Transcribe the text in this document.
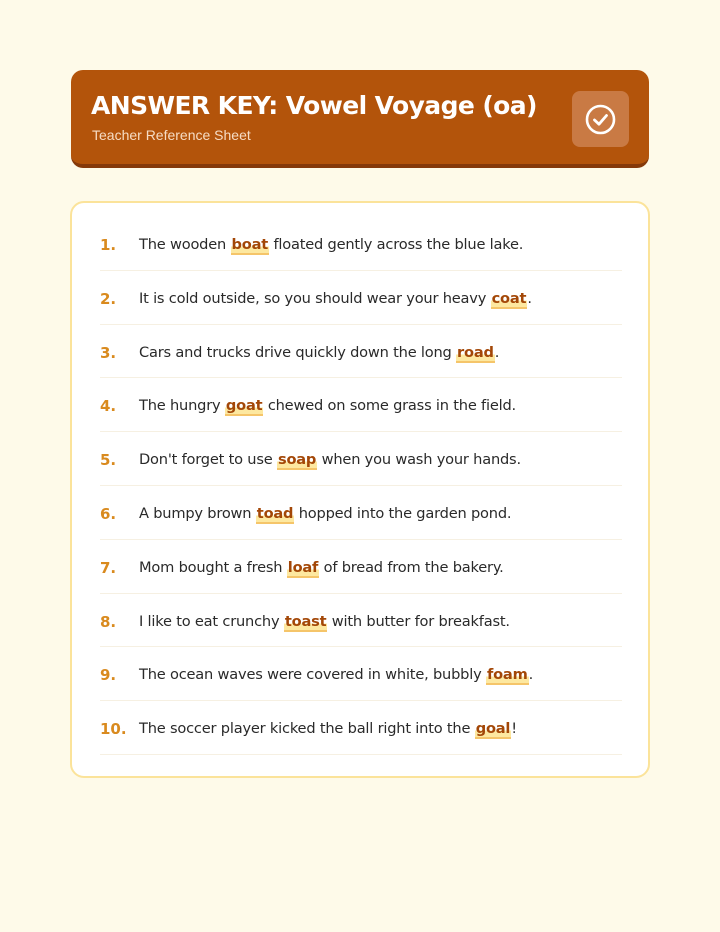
ANSWER KEY: Vowel Voyage (oa)
Teacher Reference Sheet
1.	The wooden boat floated gently across the blue lake.
2.	It is cold outside, so you should wear your heavy coat.
3.	Cars and trucks drive quickly down the long road.
4.	The hungry goat chewed on some grass in the field.
5.	Don't forget to use soap when you wash your hands.
6.	A bumpy brown toad hopped into the garden pond.
7.	Mom bought a fresh loaf of bread from the bakery.
8.	I like to eat crunchy toast with butter for breakfast.
9.	The ocean waves were covered in white, bubbly foam.
10. The soccer player kicked the ball right into the goal!
